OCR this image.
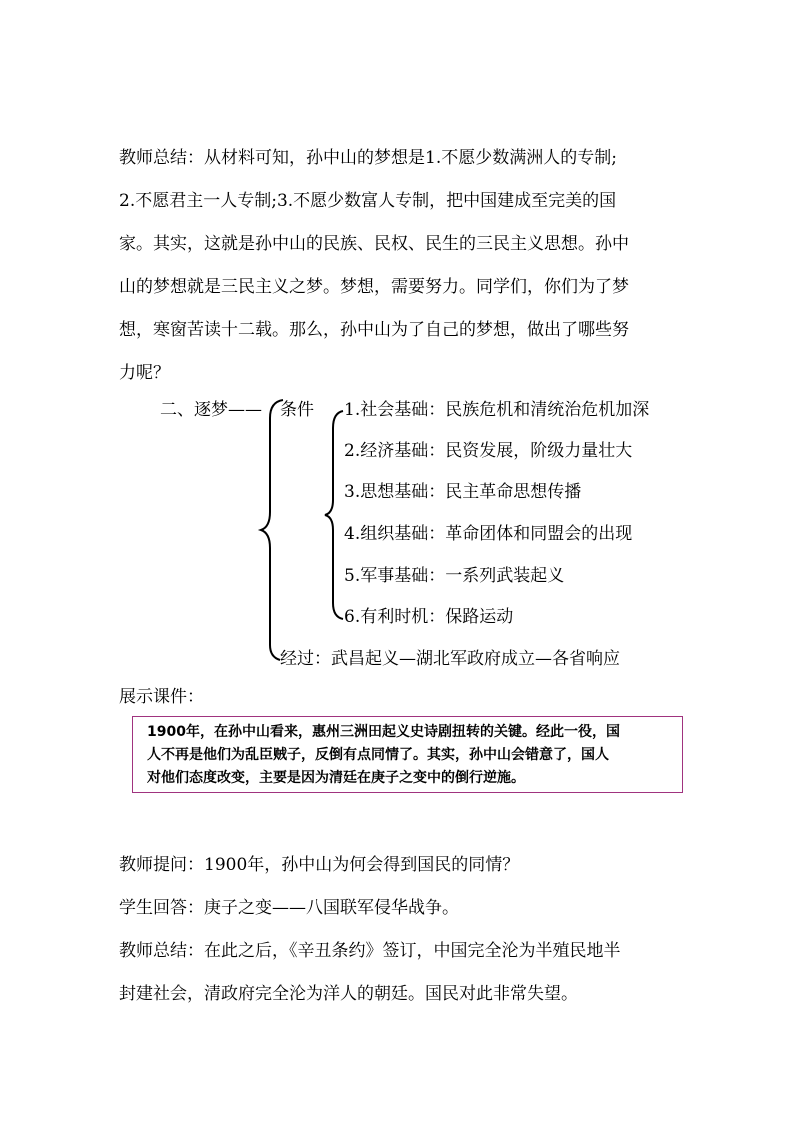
教师总结：从材料可知，孙中山的梦想是1.不愿少数满洲人的专制;
2.不愿君主一人专制;3.不愿少数富人专制，把中国建成至完美的国
家。其实，这就是孙中山的民族、民权、民生的三民主义思想。孙中
山的梦想就是三民主义之梦。梦想，需要努力。同学们，你们为了梦
想，寒窗苦读十二载。那么，孙中山为了自己的梦想，做出了哪些努
力呢？
二、逐梦—— 条件 1.社会基础：民族危机和清统治危机加深
2.经济基础：民资发展，阶级力量壮大
3.思想基础：民主革命思想传播
4.组织基础：革命团体和同盟会的出现
5.军事基础：一系列武装起义
6.有利时机：保路运动
经过：武昌起义—湖北军政府成立—各省响应
展示课件：
1900年，在孙中山看来，惠州三洲田起义史诗剧扭转的关键。经此一役，国
人不再是他们为乱臣贼子，反倒有点同情了。其实，孙中山会错意了，国人
对他们态度改变，主要是因为清廷在庚子之变中的倒行逆施。
教师提问：1900年，孙中山为何会得到国民的同情？
学生回答：庚子之变——八国联军侵华战争。
教师总结：在此之后，《辛丑条约》签订，中国完全沦为半殖民地半
封建社会，清政府完全沦为洋人的朝廷。国民对此非常失望。
